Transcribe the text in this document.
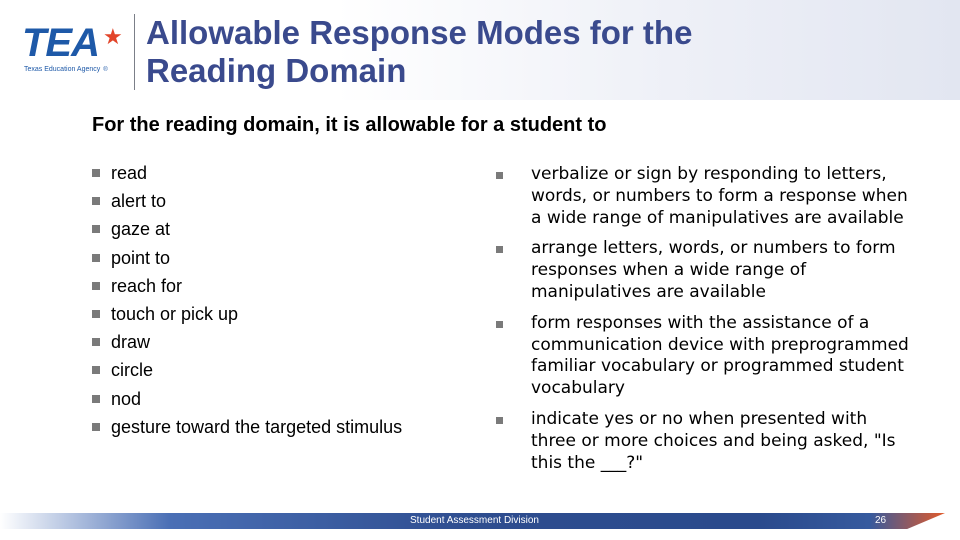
TEA ★
Texas Education Agency ®
Allowable Response Modes for the
Reading Domain
For the reading domain, it is allowable for a student to
read
alert to
gaze at
point to
reach for
touch or pick up
draw
circle
nod
gesture toward the targeted stimulus
verbalize or sign by responding to letters, words, or numbers to form a response when a wide range of manipulatives are available
arrange letters, words, or numbers to form responses when a wide range of manipulatives are available
form responses with the assistance of a communication device with preprogrammed familiar vocabulary or programmed student vocabulary
indicate yes or no when presented with three or more choices and being asked, "Is this the ___?"
Student Assessment Division	26
